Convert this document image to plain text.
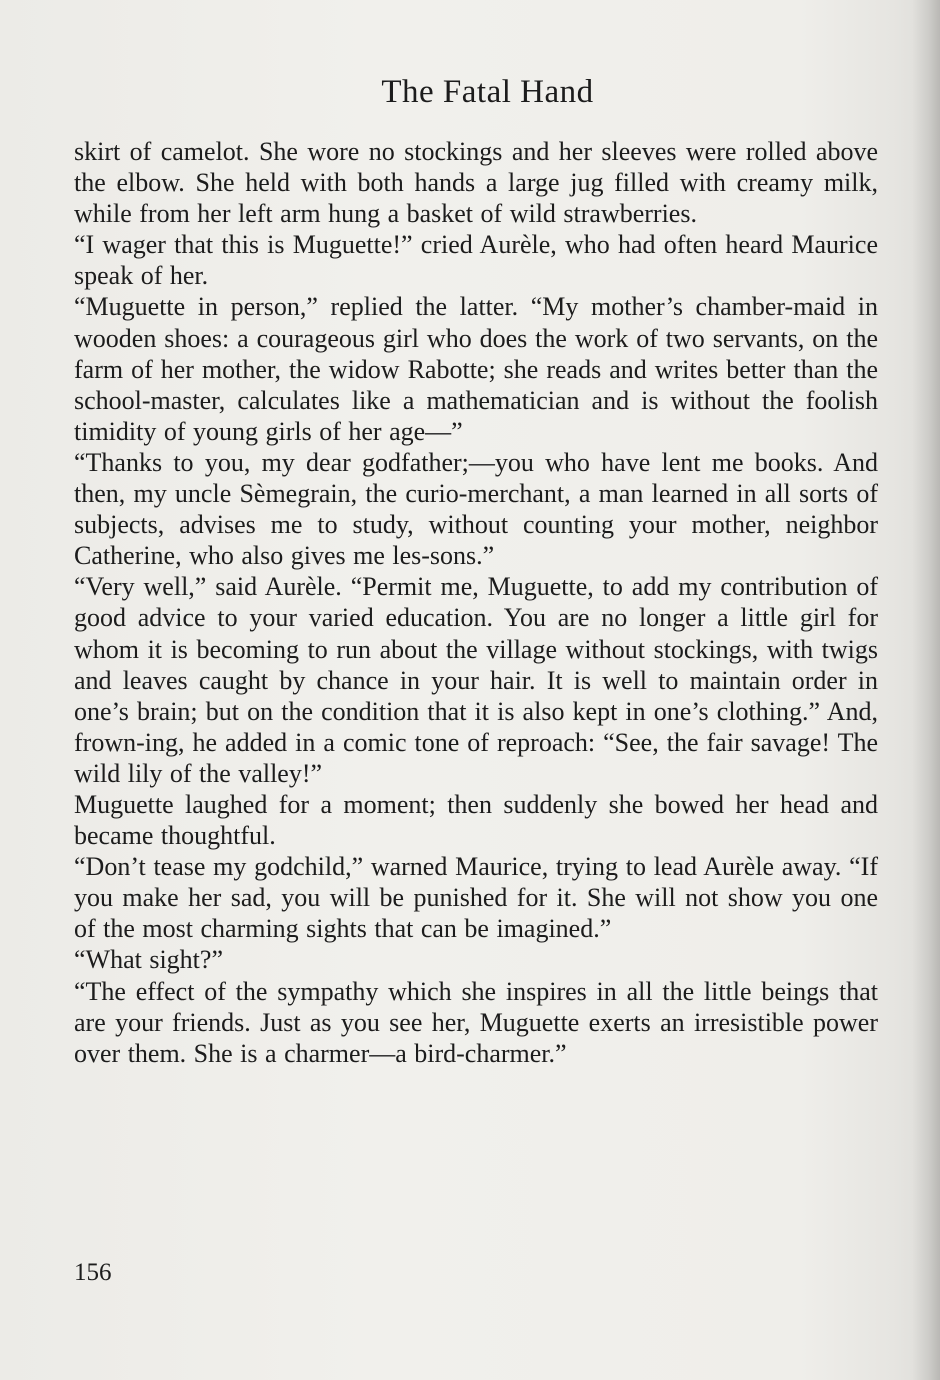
The Fatal Hand

skirt of camelot. She wore no stockings and her sleeves were rolled above the elbow. She held with both hands a large jug filled with creamy milk, while from her left arm hung a basket of wild strawberries.

“I wager that this is Muguette!” cried Aurèle, who had often heard Maurice speak of her.

“Muguette in person,” replied the latter. “My mother’s chamber-maid in wooden shoes: a courageous girl who does the work of two servants, on the farm of her mother, the widow Rabotte; she reads and writes better than the school-master, calculates like a mathematician and is without the foolish timidity of young girls of her age—”

“Thanks to you, my dear godfather;—you who have lent me books. And then, my uncle Sèmegrain, the curio-merchant, a man learned in all sorts of subjects, advises me to study, without counting your mother, neighbor Catherine, who also gives me les-sons.”

“Very well,” said Aurèle. “Permit me, Muguette, to add my contribution of good advice to your varied education. You are no longer a little girl for whom it is becoming to run about the village without stockings, with twigs and leaves caught by chance in your hair. It is well to maintain order in one’s brain; but on the condition that it is also kept in one’s clothing.” And, frown-ing, he added in a comic tone of reproach: “See, the fair savage! The wild lily of the valley!”

Muguette laughed for a moment; then suddenly she bowed her head and became thoughtful.

“Don’t tease my godchild,” warned Maurice, trying to lead Aurèle away. “If you make her sad, you will be punished for it. She will not show you one of the most charming sights that can be imagined.”

“What sight?”

“The effect of the sympathy which she inspires in all the little beings that are your friends. Just as you see her, Muguette exerts an irresistible power over them. She is a charmer—a bird-charmer.”

156
